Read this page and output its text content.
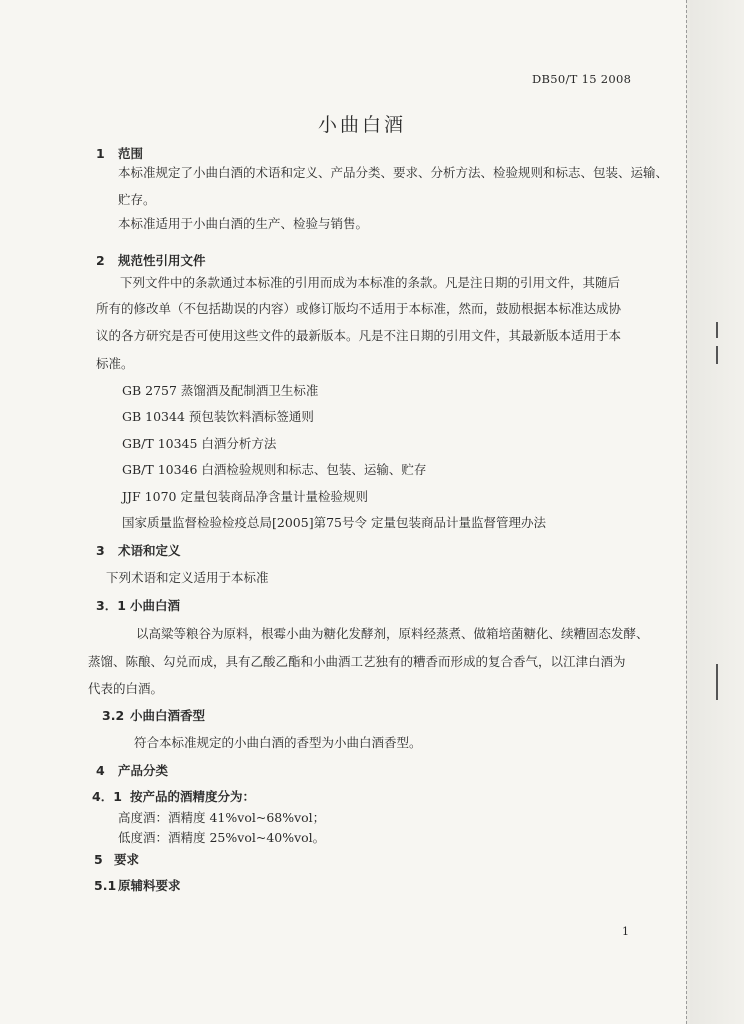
DB50/T 15 2008
小曲白酒
1 范围
本标准规定了小曲白酒的术语和定义、产品分类、要求、分析方法、检验规则和标志、包装、运输、
贮存。
本标准适用于小曲白酒的生产、检验与销售。
2 规范性引用文件
下列文件中的条款通过本标准的引用而成为本标准的条款。凡是注日期的引用文件，其随后
所有的修改单（不包括勘误的内容）或修订版均不适用于本标准，然而，鼓励根据本标准达成协
议的各方研究是否可使用这些文件的最新版本。凡是不注日期的引用文件，其最新版本适用于本
标准。
GB 2757 蒸馏酒及配制酒卫生标准
GB 10344 预包装饮料酒标签通则
GB/T 10345 白酒分析方法
GB/T 10346 白酒检验规则和标志、包装、运输、贮存
JJF 1070 定量包装商品净含量计量检验规则
国家质量监督检验检疫总局[2005]第75号令 定量包装商品计量监督管理办法
3 术语和定义
下列术语和定义适用于本标准
3．1 小曲白酒
以高粱等粮谷为原料，根霉小曲为糖化发酵剂，原料经蒸煮、做箱培菌糖化、续糟固态发酵、
蒸馏、陈酿、勾兑而成，具有乙酸乙酯和小曲酒工艺独有的糟香而形成的复合香气，以江津白酒为
代表的白酒。
3.2 小曲白酒香型
符合本标准规定的小曲白酒的香型为小曲白酒香型。
4 产品分类
4．1 按产品的酒精度分为：
高度酒：酒精度 41%vol~68%vol；
低度酒：酒精度 25%vol~40%vol。
5 要求
5.1 原辅料要求
1
